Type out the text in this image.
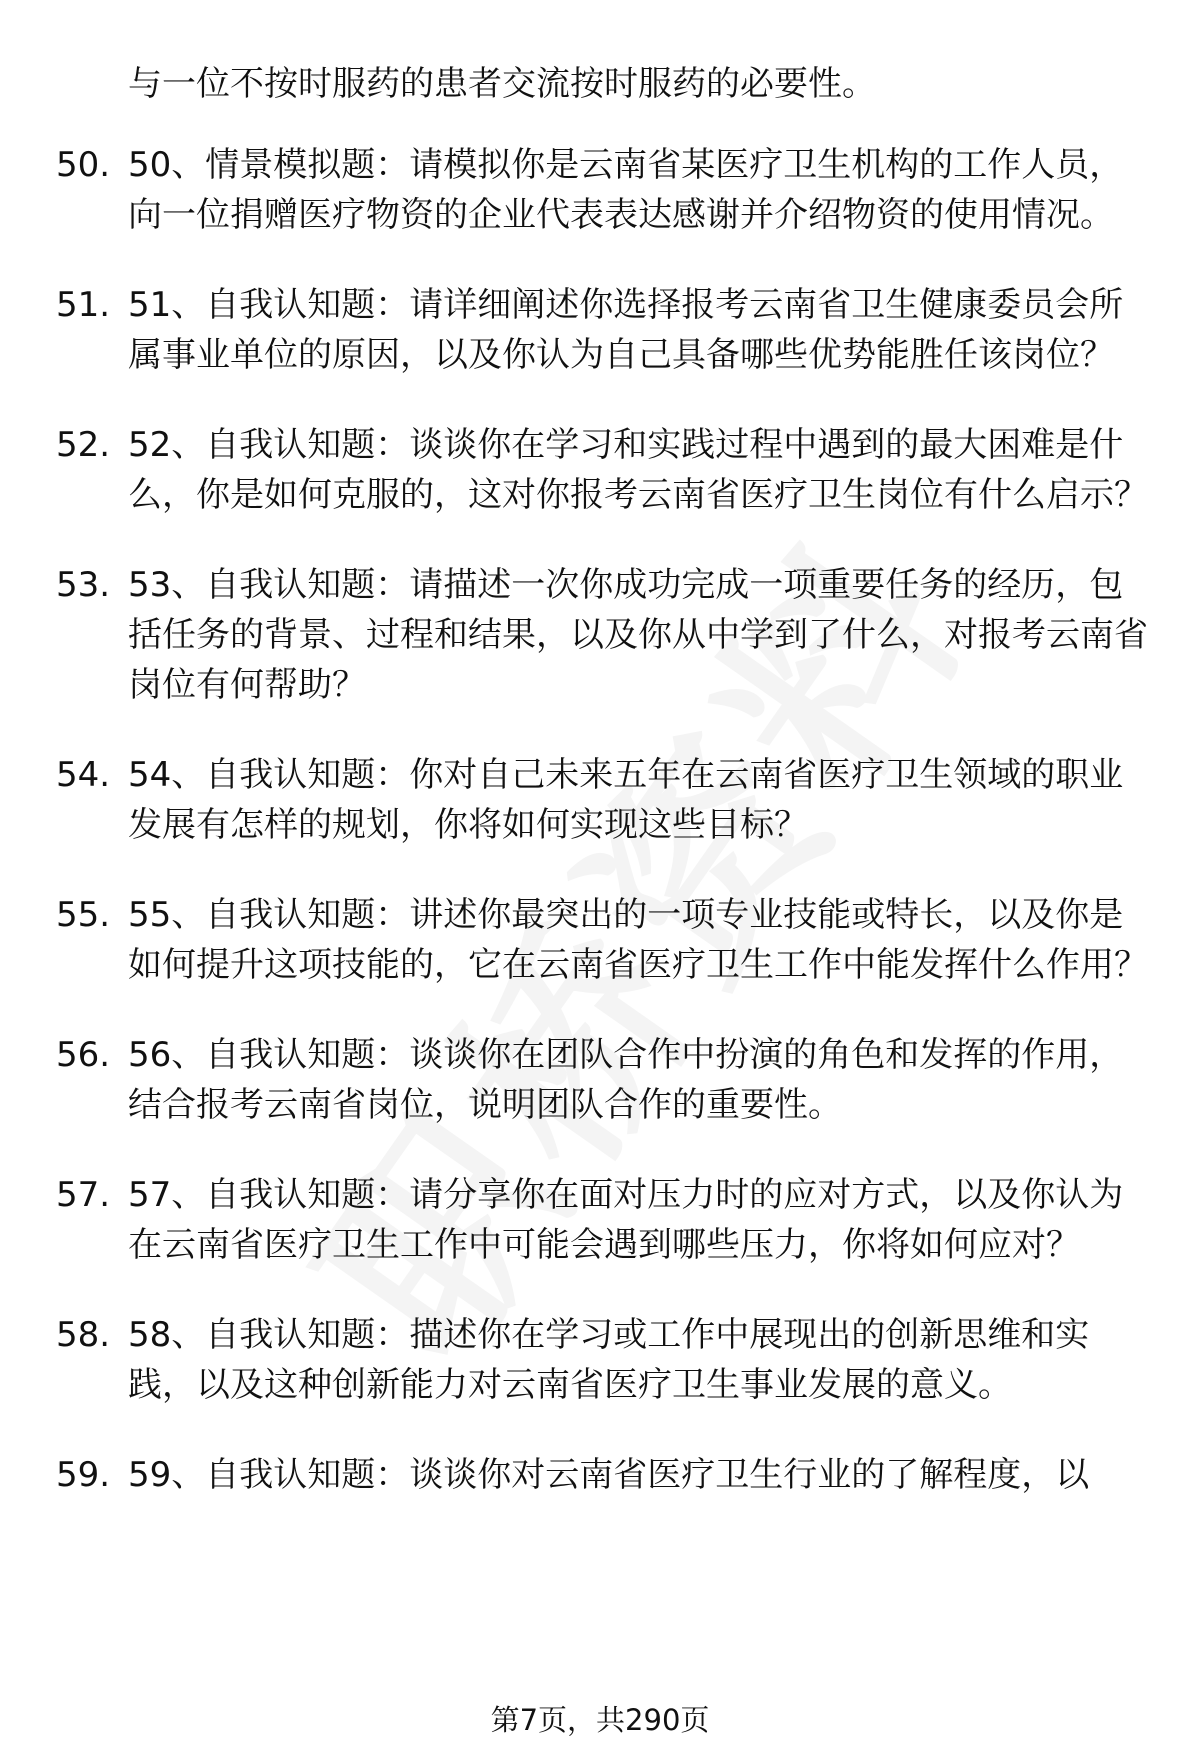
与一位不按时服药的患者交流按时服药的必要性。
50. 50、情景模拟题：请模拟你是云南省某医疗卫生机构的工作人员，向一位捐赠医疗物资的企业代表表达感谢并介绍物资的使用情况。
51. 51、自我认知题：请详细阐述你选择报考云南省卫生健康委员会所属事业单位的原因，以及你认为自己具备哪些优势能胜任该岗位？
52. 52、自我认知题：谈谈你在学习和实践过程中遇到的最大困难是什么，你是如何克服的，这对你报考云南省医疗卫生岗位有什么启示？
53. 53、自我认知题：请描述一次你成功完成一项重要任务的经历，包括任务的背景、过程和结果，以及你从中学到了什么，对报考云南省岗位有何帮助？
54. 54、自我认知题：你对自己未来五年在云南省医疗卫生领域的职业发展有怎样的规划，你将如何实现这些目标？
55. 55、自我认知题：讲述你最突出的一项专业技能或特长，以及你是如何提升这项技能的，它在云南省医疗卫生工作中能发挥什么作用？
56. 56、自我认知题：谈谈你在团队合作中扮演的角色和发挥的作用，结合报考云南省岗位，说明团队合作的重要性。
57. 57、自我认知题：请分享你在面对压力时的应对方式，以及你认为在云南省医疗卫生工作中可能会遇到哪些压力，你将如何应对？
58. 58、自我认知题：描述你在学习或工作中展现出的创新思维和实践，以及这种创新能力对云南省医疗卫生事业发展的意义。
59. 59、自我认知题：谈谈你对云南省医疗卫生行业的了解程度，以
第7页，共290页
